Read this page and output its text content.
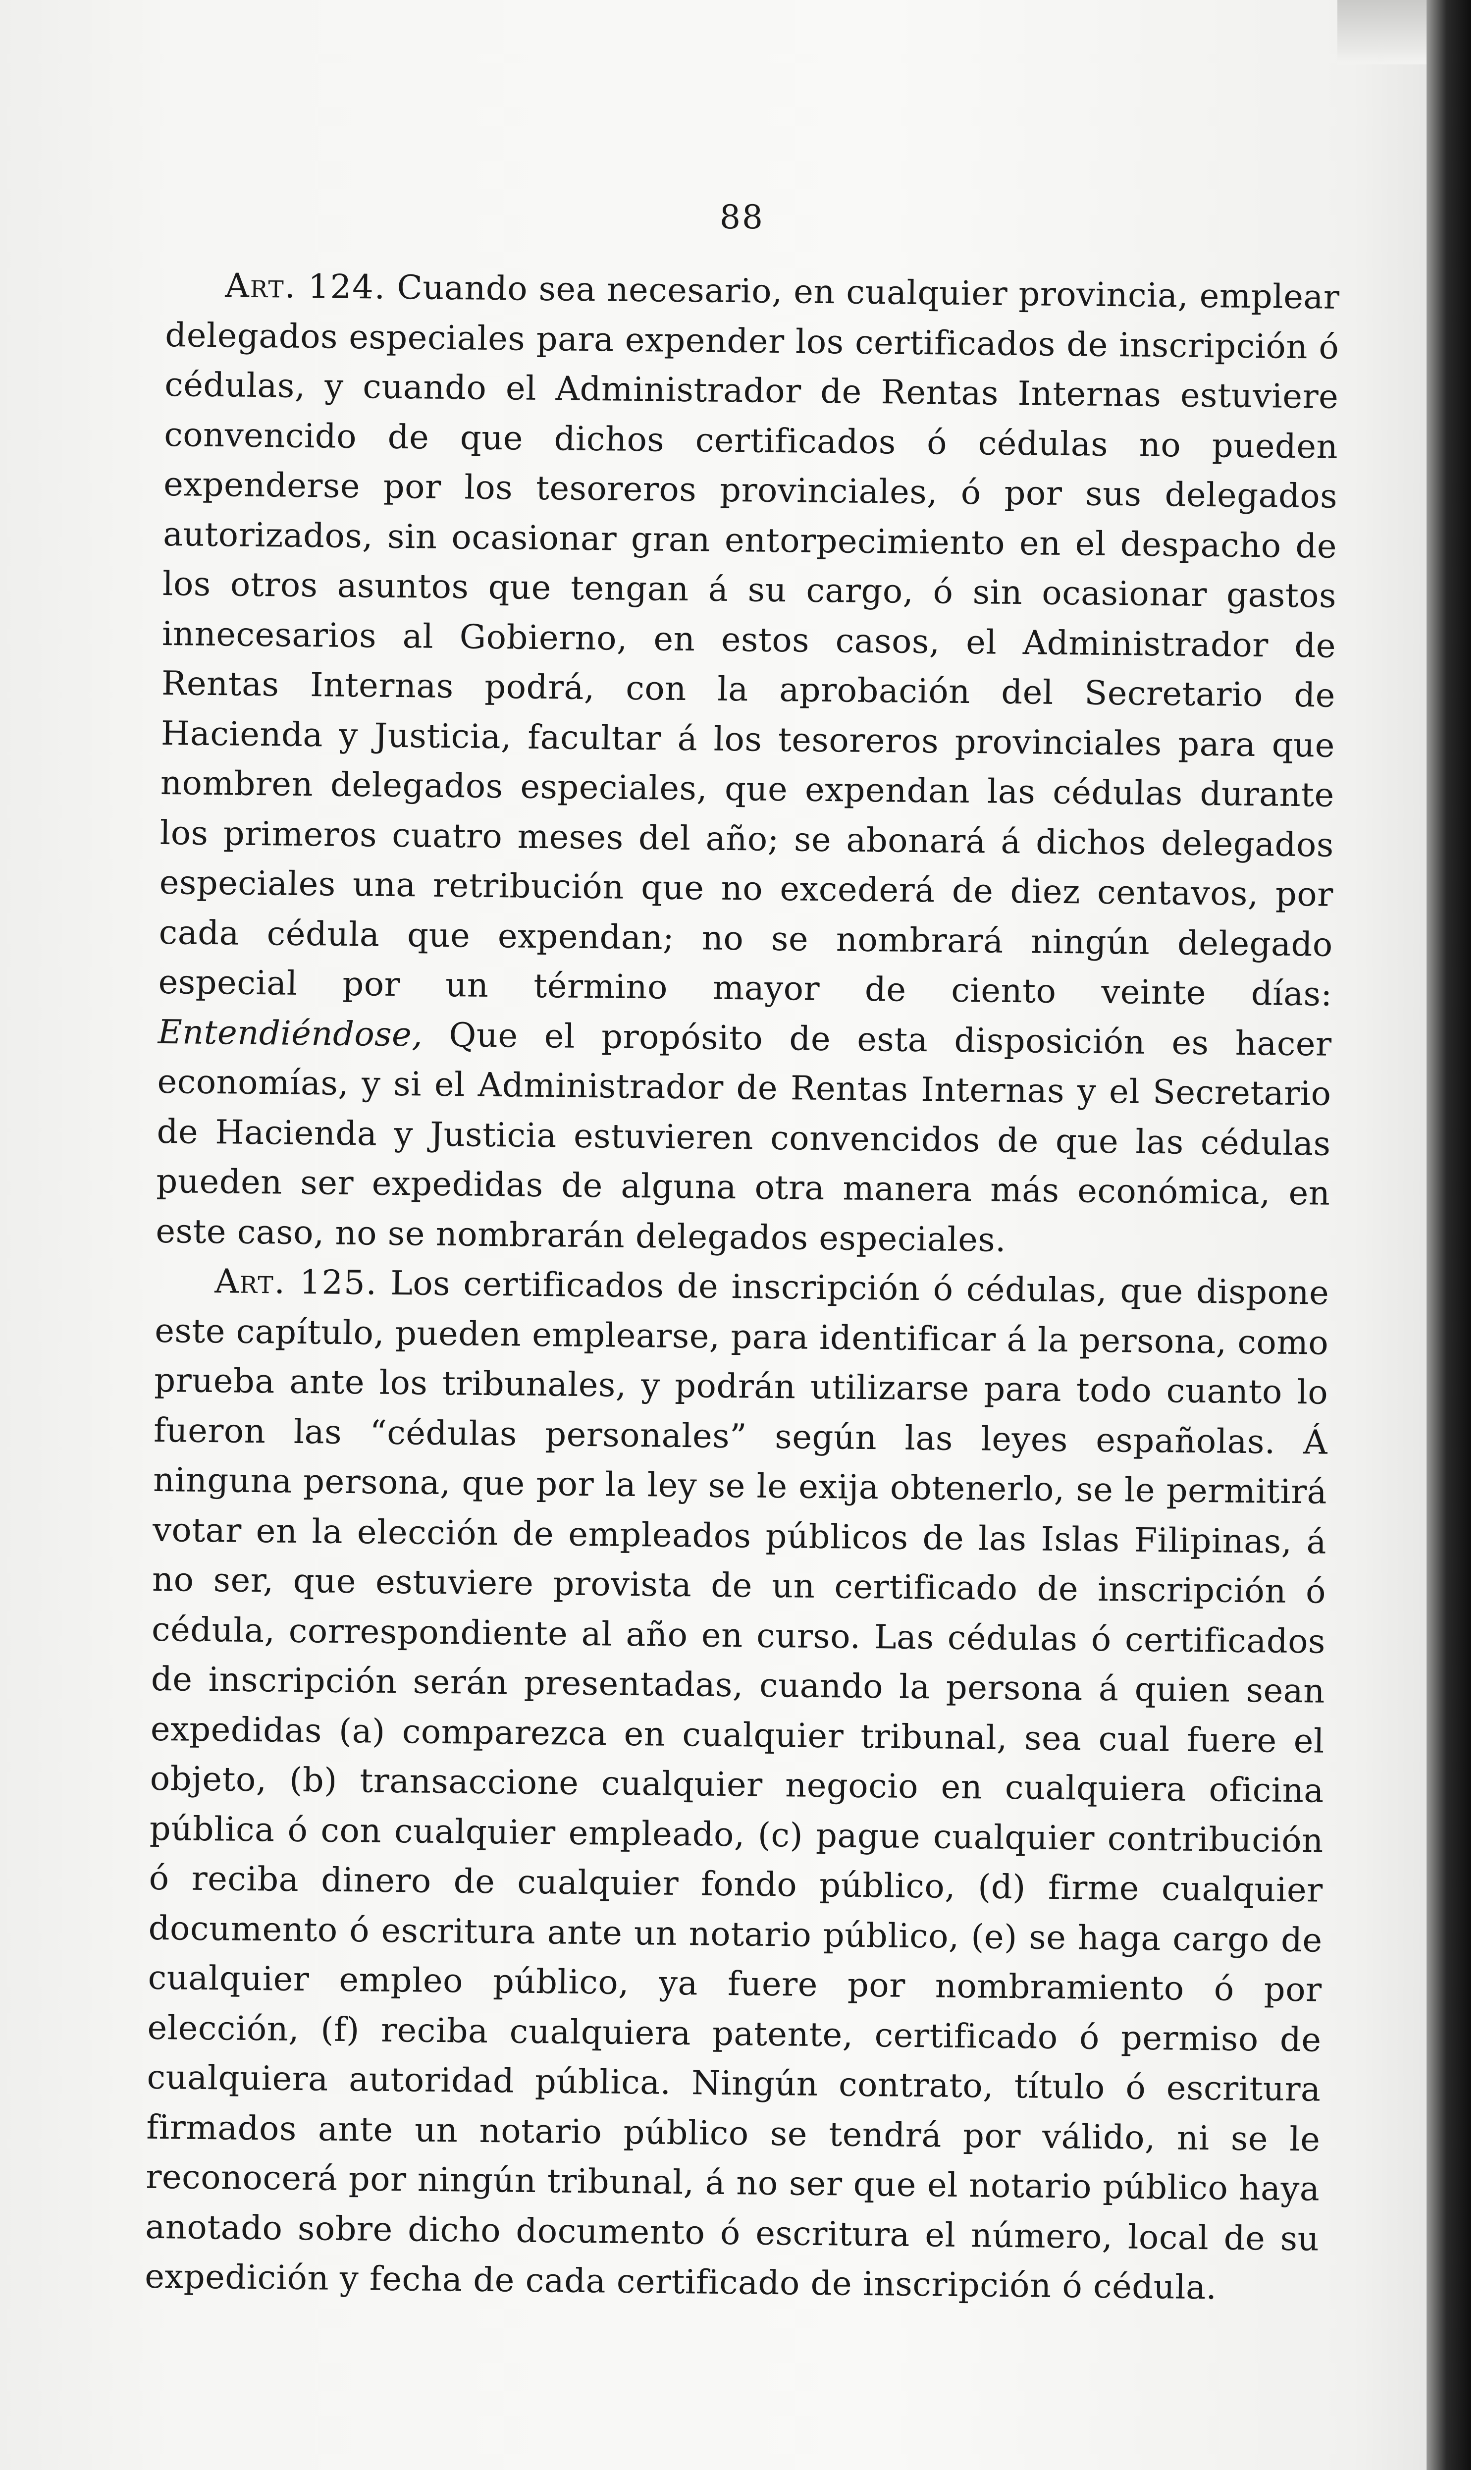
88

Art. 124. Cuando sea necesario, en cualquier provincia, emplear delegados especiales para expender los certificados de inscripción ó cédulas, y cuando el Administrador de Rentas Internas estuviere convencido de que dichos certificados ó cédulas no pueden expenderse por los tesoreros provinciales, ó por sus delegados autorizados, sin ocasionar gran entorpecimiento en el despacho de los otros asuntos que tengan á su cargo, ó sin ocasionar gastos innecesarios al Gobierno, en estos casos, el Administrador de Rentas Internas podrá, con la aprobación del Secretario de Hacienda y Justicia, facultar á los tesoreros provinciales para que nombren delegados especiales, que expendan las cédulas durante los primeros cuatro meses del año; se abonará á dichos delegados especiales una retribución que no excederá de diez centavos, por cada cédula que expendan; no se nombrará ningún delegado especial por un término mayor de ciento veinte días: Entendiéndose, Que el propósito de esta disposición es hacer economías, y si el Administrador de Rentas Internas y el Secretario de Hacienda y Justicia estuvieren convencidos de que las cédulas pueden ser expedidas de alguna otra manera más económica, en este caso, no se nombrarán delegados especiales.

Art. 125. Los certificados de inscripción ó cédulas, que dispone este capítulo, pueden emplearse, para identificar á la persona, como prueba ante los tribunales, y podrán utilizarse para todo cuanto lo fueron las “cédulas personales” según las leyes españolas. Á ninguna persona, que por la ley se le exija obtenerlo, se le permitirá votar en la elección de empleados públicos de las Islas Filipinas, á no ser, que estuviere provista de un certificado de inscripción ó cédula, correspondiente al año en curso. Las cédulas ó certificados de inscripción serán presentadas, cuando la persona á quien sean expedidas (a) comparezca en cualquier tribunal, sea cual fuere el objeto, (b) transaccione cualquier negocio en cualquiera oficina pública ó con cualquier empleado, (c) pague cualquier contribución ó reciba dinero de cualquier fondo público, (d) firme cualquier documento ó escritura ante un notario público, (e) se haga cargo de cualquier empleo público, ya fuere por nombramiento ó por elección, (f) reciba cualquiera patente, certificado ó permiso de cualquiera autoridad pública. Ningún contrato, título ó escritura firmados ante un notario público se tendrá por válido, ni se le reconocerá por ningún tribunal, á no ser que el notario público haya anotado sobre dicho documento ó escritura el número, local de su expedición y fecha de cada certificado de inscripción ó cédula.
